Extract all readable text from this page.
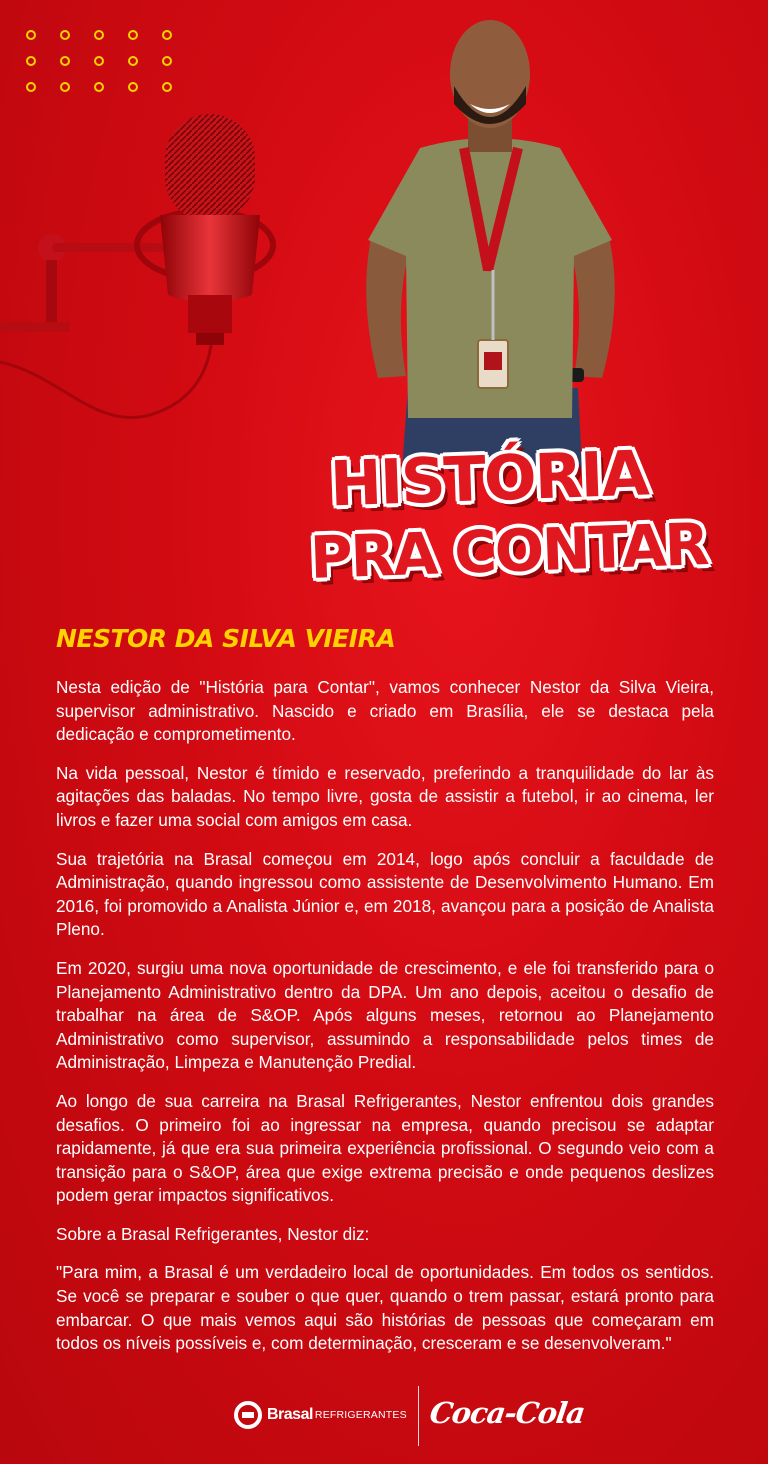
HISTÓRIA
PRA CONTAR
NESTOR DA SILVA VIEIRA

Nesta edição de "História para Contar", vamos conhecer Nestor da Silva Vieira, supervisor administrativo. Nascido e criado em Brasília, ele se destaca pela dedicação e comprometimento.

Na vida pessoal, Nestor é tímido e reservado, preferindo a tranquilidade do lar às agitações das baladas. No tempo livre, gosta de assistir a futebol, ir ao cinema, ler livros e fazer uma social com amigos em casa.

Sua trajetória na Brasal começou em 2014, logo após concluir a faculdade de Administração, quando ingressou como assistente de Desenvolvimento Humano. Em 2016, foi promovido a Analista Júnior e, em 2018, avançou para a posição de Analista Pleno.

Em 2020, surgiu uma nova oportunidade de crescimento, e ele foi transferido para o Planejamento Administrativo dentro da DPA. Um ano depois, aceitou o desafio de trabalhar na área de S&OP. Após alguns meses, retornou ao Planejamento Administrativo como supervisor, assumindo a responsabilidade pelos times de Administração, Limpeza e Manutenção Predial.

Ao longo de sua carreira na Brasal Refrigerantes, Nestor enfrentou dois grandes desafios. O primeiro foi ao ingressar na empresa, quando precisou se adaptar rapidamente, já que era sua primeira experiência profissional. O segundo veio com a transição para o S&OP, área que exige extrema precisão e onde pequenos deslizes podem gerar impactos significativos.

Sobre a Brasal Refrigerantes, Nestor diz:

"Para mim, a Brasal é um verdadeiro local de oportunidades. Em todos os sentidos. Se você se preparar e souber o que quer, quando o trem passar, estará pronto para embarcar. O que mais vemos aqui são histórias de pessoas que começaram em todos os níveis possíveis e, com determinação, cresceram e se desenvolveram."

Brasal REFRIGERANTES Coca-Cola
